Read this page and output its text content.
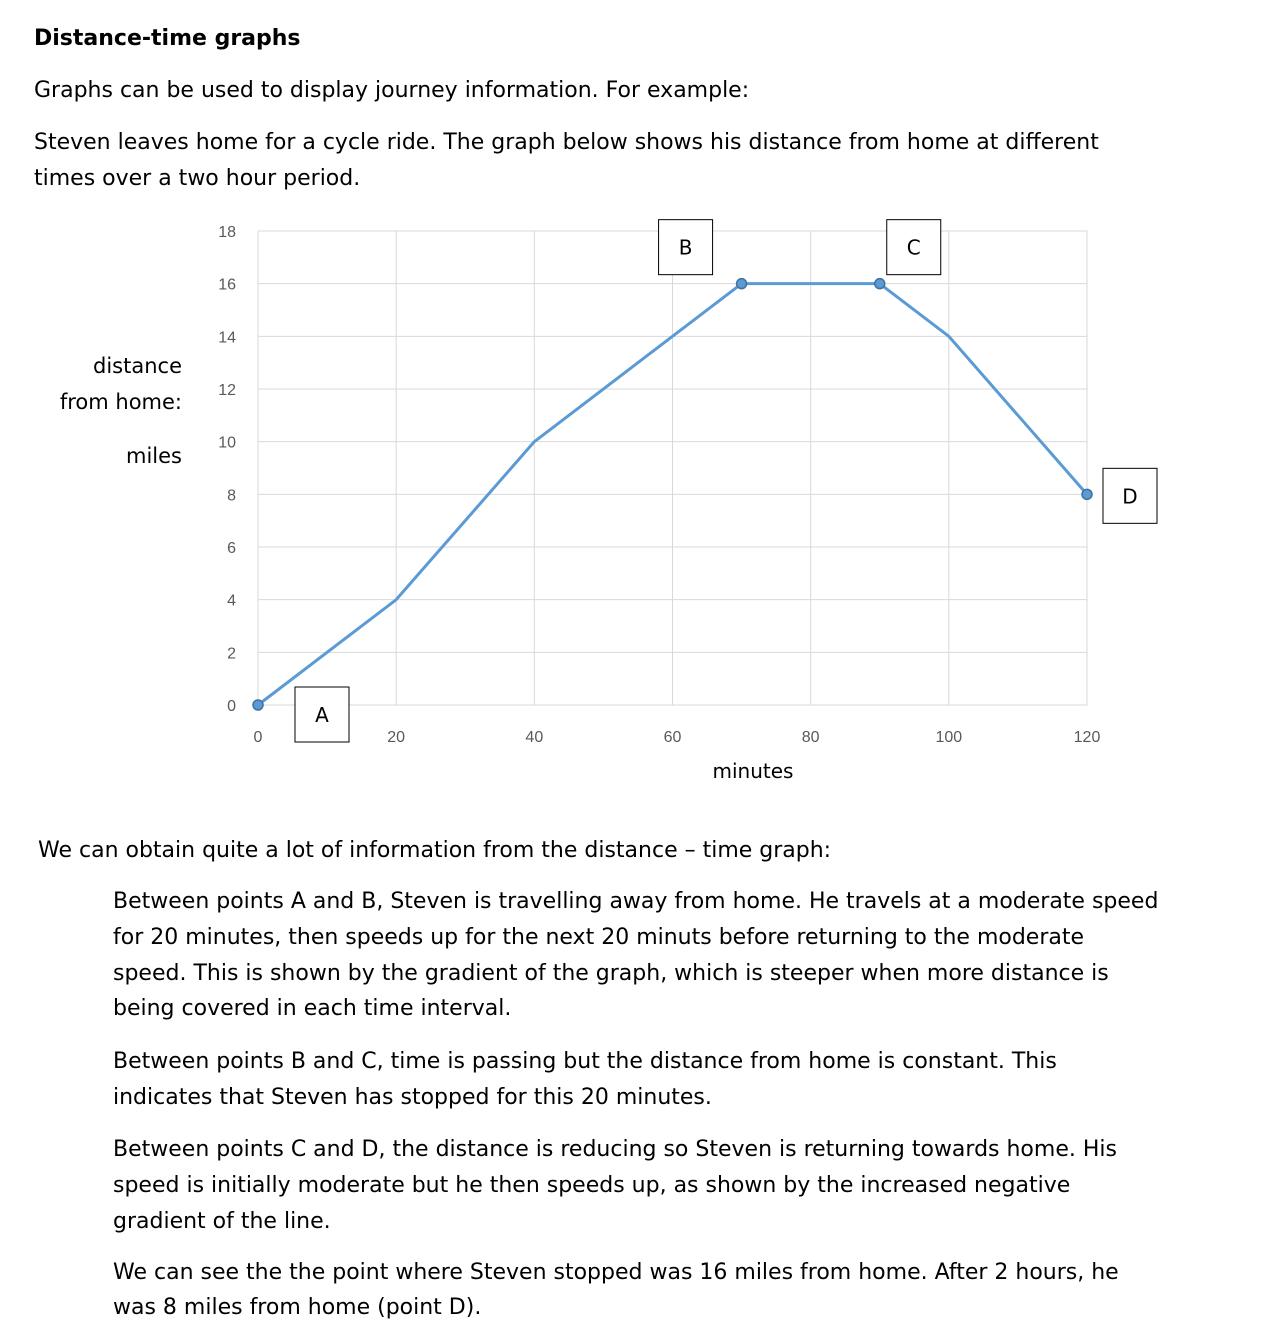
Distance-time graphs

Graphs can be used to display journey information. For example:

Steven leaves home for a cycle ride. The graph below shows his distance from home at different

times over a two hour period.

distance
from home:
miles
0
2
4
6
8
10
12
14
16
18
0	20	40	60	80	100	120
A
B	C
D
minutes

We can obtain quite a lot of information from the distance – time graph:

Between points A and B, Steven is travelling away from home. He travels at a moderate speed

for 20 minutes, then speeds up for the next 20 minuts before returning to the moderate

speed. This is shown by the gradient of the graph, which is steeper when more distance is

being covered in each time interval.

Between points B and C, time is passing but the distance from home is constant. This

indicates that Steven has stopped for this 20 minutes.

Between points C and D, the distance is reducing so Steven is returning towards home. His

speed is initially moderate but he then speeds up, as shown by the increased negative

gradient of the line.

We can see the the point where Steven stopped was 16 miles from home. After 2 hours, he

was 8 miles from home (point D).
